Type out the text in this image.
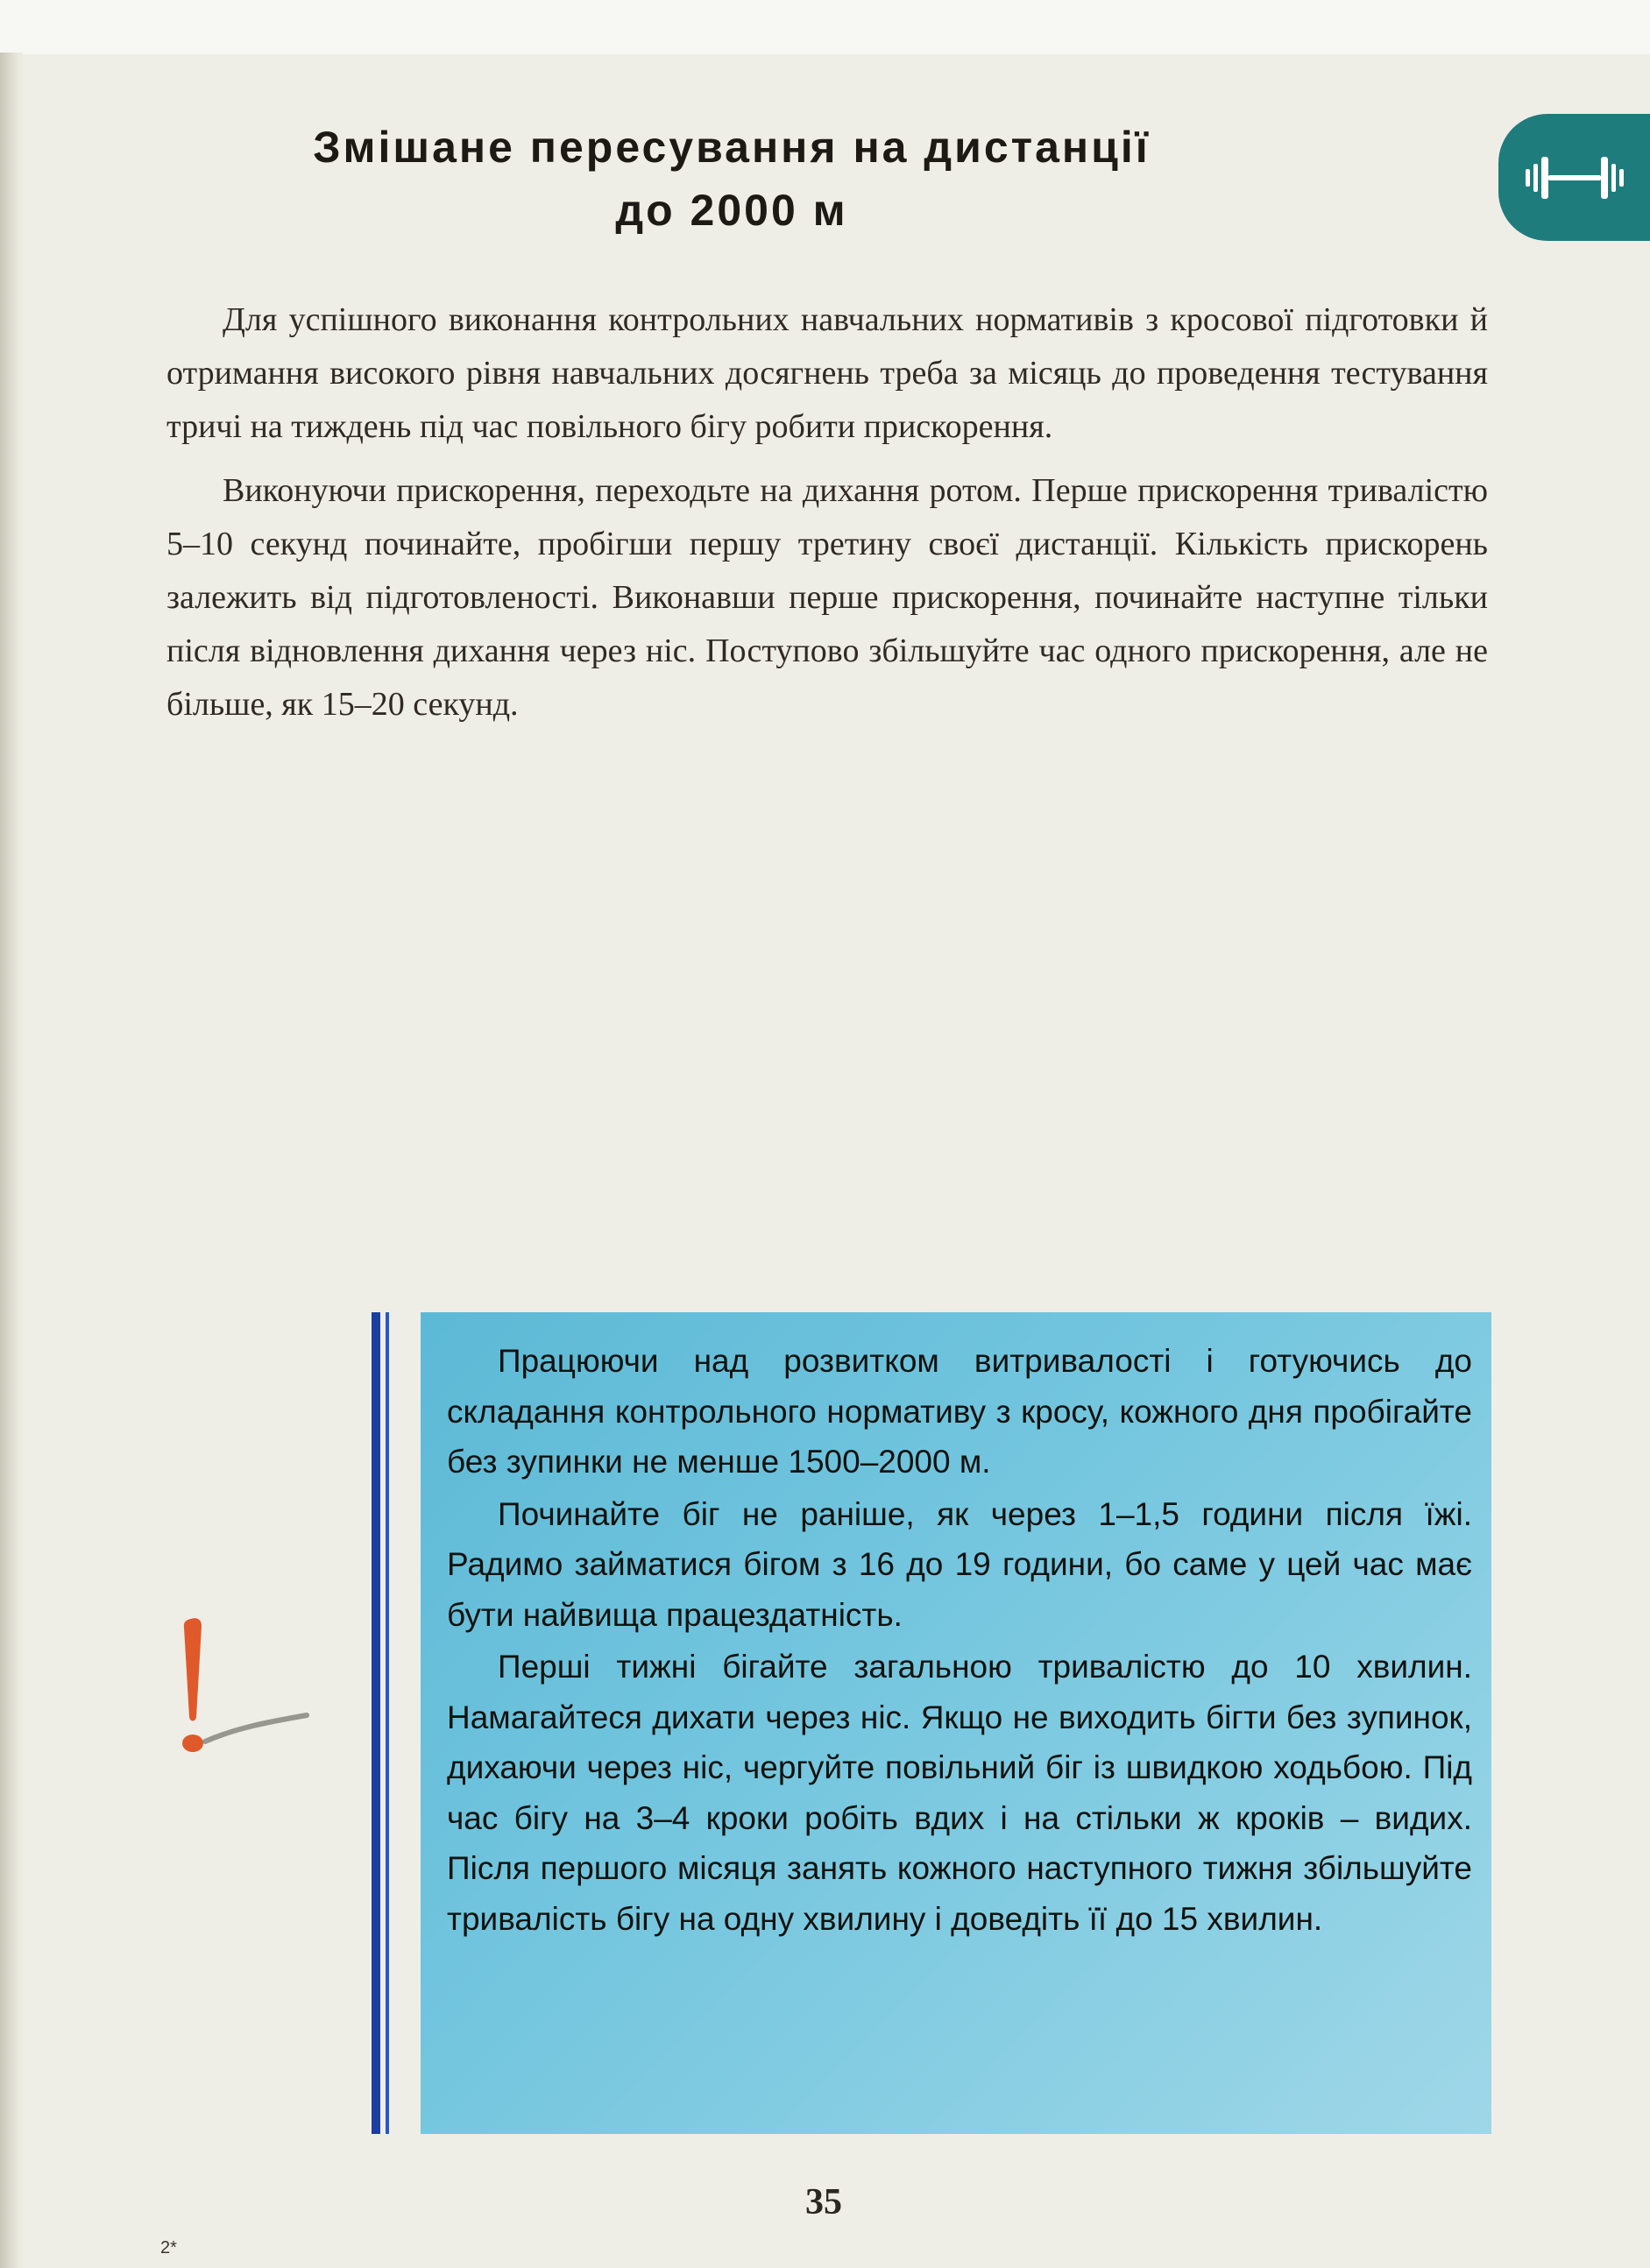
Змішане пересування на дистанції
до 2000 м

Для успішного виконання контрольних навчальних нормативів з кросової підготовки й отримання високого рівня навчальних досягнень треба за місяць до проведення тестування тричі на тиждень під час повільного бігу робити прискорення.

Виконуючи прискорення, переходьте на дихання ротом. Перше прискорення тривалістю 5–10 секунд починайте, пробігши першу третину своєї дистанції. Кількість прискорень залежить від підготовленості. Виконавши перше прискорення, починайте наступне тільки після відновлення дихання через ніс. Поступово збільшуйте час одного прискорення, але не більше, як 15–20 секунд.

Працюючи над розвитком витривалості і готуючись до складання контрольного нормативу з кросу, кожного дня пробігайте без зупинки не менше 1500–2000 м.

Починайте біг не раніше, як через 1–1,5 години після їжі. Радимо займатися бігом з 16 до 19 години, бо саме у цей час має бути найвища працездатність.

Перші тижні бігайте загальною тривалістю до 10 хвилин. Намагайтеся дихати через ніс. Якщо не виходить бігти без зупинок, дихаючи через ніс, чергуйте повільний біг із швидкою ходьбою. Під час бігу на 3–4 кроки робіть вдих і на стільки ж кроків – видих. Після першого місяця занять кожного наступного тижня збільшуйте тривалість бігу на одну хвилину і доведіть її до 15 хвилин.

35
2*
